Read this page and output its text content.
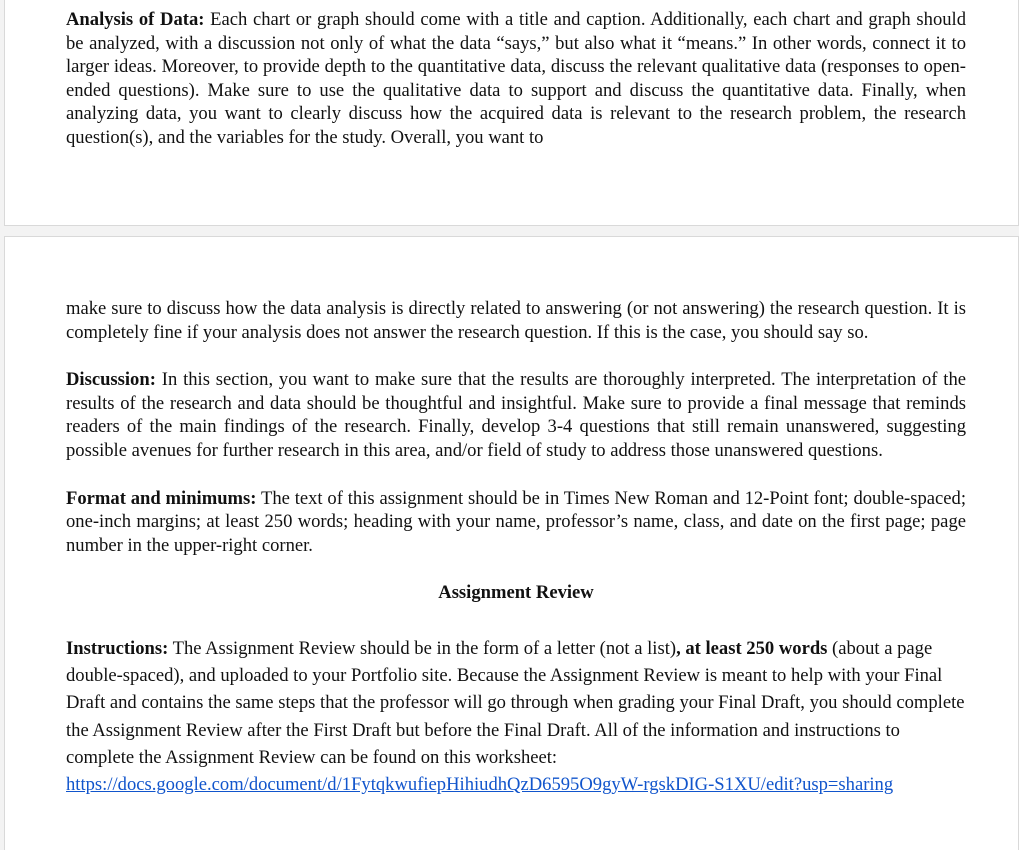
Analysis of Data: Each chart or graph should come with a title and caption. Additionally, each chart and graph should be analyzed, with a discussion not only of what the data “says,” but also what it “means.” In other words, connect it to larger ideas. Moreover, to provide depth to the quantitative data, discuss the relevant qualitative data (responses to open-ended questions). Make sure to use the qualitative data to support and discuss the quantitative data. Finally, when analyzing data, you want to clearly discuss how the acquired data is relevant to the research problem, the research question(s), and the variables for the study. Overall, you want to

make sure to discuss how the data analysis is directly related to answering (or not answering) the research question. It is completely fine if your analysis does not answer the research question. If this is the case, you should say so.

Discussion: In this section, you want to make sure that the results are thoroughly interpreted. The interpretation of the results of the research and data should be thoughtful and insightful. Make sure to provide a final message that reminds readers of the main findings of the research. Finally, develop 3-4 questions that still remain unanswered, suggesting possible avenues for further research in this area, and/or field of study to address those unanswered questions.

Format and minimums: The text of this assignment should be in Times New Roman and 12-Point font; double-spaced; one-inch margins; at least 250 words; heading with your name, professor’s name, class, and date on the first page; page number in the upper-right corner.

Assignment Review

Instructions: The Assignment Review should be in the form of a letter (not a list), at least 250 words (about a page double-spaced), and uploaded to your Portfolio site. Because the Assignment Review is meant to help with your Final Draft and contains the same steps that the professor will go through when grading your Final Draft, you should complete the Assignment Review after the First Draft but before the Final Draft. All of the information and instructions to complete the Assignment Review can be found on this worksheet:
https://docs.google.com/document/d/1FytqkwufiepHihiudhQzD6595O9gyW-rgskDIG-S1XU/edit?usp=sharing
